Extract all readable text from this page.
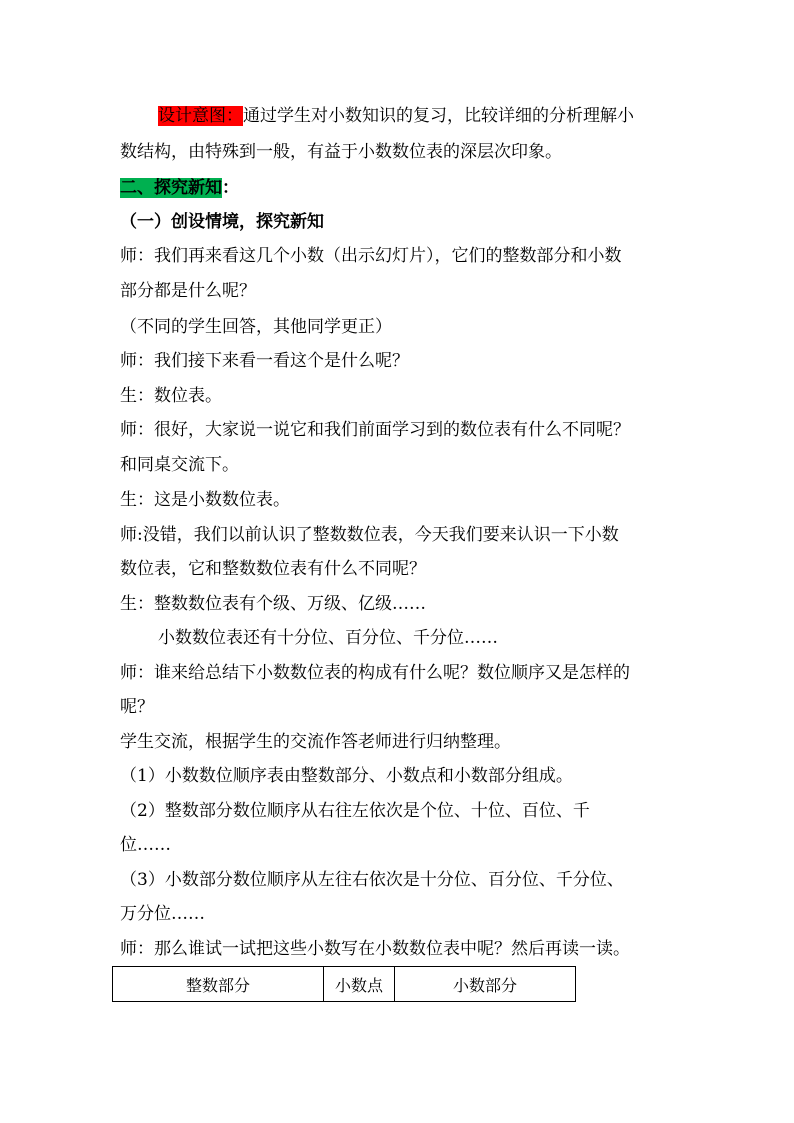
设计意图：通过学生对小数知识的复习，比较详细的分析理解小
数结构，由特殊到一般，有益于小数数位表的深层次印象。
二、探究新知：
（一）创设情境，探究新知
师：我们再来看这几个小数（出示幻灯片），它们的整数部分和小数
部分都是什么呢？
（不同的学生回答，其他同学更正）
师：我们接下来看一看这个是什么呢？
生：数位表。
师：很好，大家说一说它和我们前面学习到的数位表有什么不同呢？
和同桌交流下。
生：这是小数数位表。
师:没错，我们以前认识了整数数位表，今天我们要来认识一下小数
数位表，它和整数数位表有什么不同呢？
生：整数数位表有个级、万级、亿级……
小数数位表还有十分位、百分位、千分位……
师：谁来给总结下小数数位表的构成有什么呢？数位顺序又是怎样的
呢？
学生交流，根据学生的交流作答老师进行归纳整理。
（1）小数数位顺序表由整数部分、小数点和小数部分组成。
（2）整数部分数位顺序从右往左依次是个位、十位、百位、千
位……
（3）小数部分数位顺序从左往右依次是十分位、百分位、千分位、
万分位……
师：那么谁试一试把这些小数写在小数数位表中呢？然后再读一读。
整数部分	小数点	小数部分
